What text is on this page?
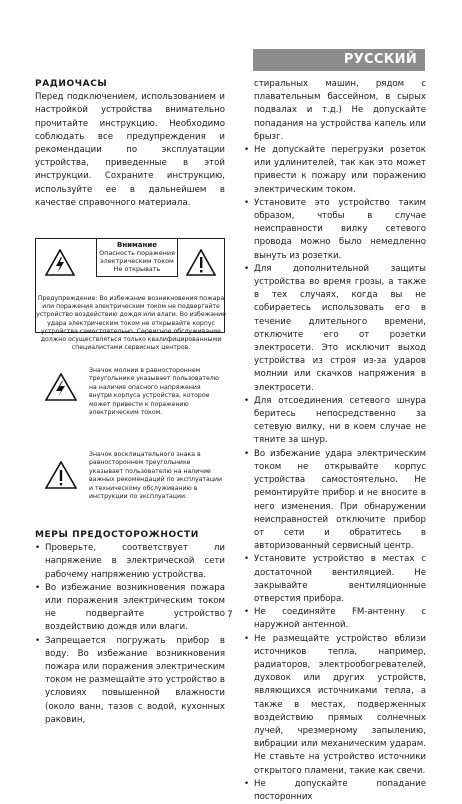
РУССКИЙ

РАДИОЧАСЫ

Перед подключением, использованием и настройкой устройства внимательно прочитайте инструкцию. Необходимо соблюдать все предупреждения и рекомендации по эксплуатации устройства, приведенные в этой инструкции. Сохраните инструкцию, используйте ее в дальнейшем в качестве справочного материала.

Внимание
Опасность поражения электрическим током Не открывать
Предупреждение: Во избежание возникновения пожара или поражения электрическим током не подвергайте устройство воздействию дождя или влаги. Во избежание удара электрическим током не открывайте корпус устройства самостоятельно. Сервисное обслуживание должно осуществляться только квалифицированными специалистами сервисных центров.
Значок молнии в равностороннем треугольнике указывает пользователю на наличие опасного напряжения внутри корпуса устройства, которое может привести к поражению электрическим током.
Значок восклицательного знака в равностороннем треугольнике указывает пользователю на наличие важных рекомендаций по эксплуатации и техническому обслуживанию в инструкции по эксплуатации.

МЕРЫ ПРЕДОСТОРОЖНОСТИ

• Проверьте, соответствует ли напряжение в электрической сети рабочему напряжению устройства.
• Во избежание возникновения пожара или поражения электрическим током не подвергайте устройство воздействию дождя или влаги.
• Запрещается погружать прибор в воду. Во избежание возникновения пожара или поражения электрическим током не размещайте это устройство в условиях повышенной влажности (около ванн, тазов с водой, кухонных раковин,

стиральных машин, рядом с плавательным бассейном, в сырых подвалах и т.д.) Не допускайте попадания на устройства капель или брызг.

• Не допускайте перегрузки розеток или удлинителей, так как это может привести к пожару или поражению электрическим током.
• Установите это устройство таким образом, чтобы в случае неисправности вилку сетевого провода можно было немедленно вынуть из розетки.
• Для дополнительной защиты устройства во время грозы, а также в тех случаях, когда вы не собираетесь использовать его в течение длительного времени, отключите его от розетки электросети. Это исключит выход устройства из строя из-за ударов молнии или скачков напряжения в электросети.
• Для отсоединения сетевого шнура беритесь непосредственно за сетевую вилку, ни в коем случае не тяните за шнур.
• Во избежание удара электрическим током не открывайте корпус устройства самостоятельно. Не ремонтируйте прибор и не вносите в него изменения. При обнаружении неисправностей отключите прибор от сети и обратитесь в авторизованный сервисный центр.
• Установите устройство в местах с достаточной вентиляцией. Не закрывайте вентиляционные отверстия прибора.
• Не соединяйте FM-антенну с наружной антенной.
• Не размещайте устройство вблизи источников тепла, например, радиаторов, электрообогревателей, духовок или других устройств, являющихся источниками тепла, а также в местах, подверженных воздействию прямых солнечных лучей, чрезмерному запылению, вибрации или механическим ударам. Не ставьте на устройство источники открытого пламени, такие как свечи.
• Не допускайте попадание посторонних
7
